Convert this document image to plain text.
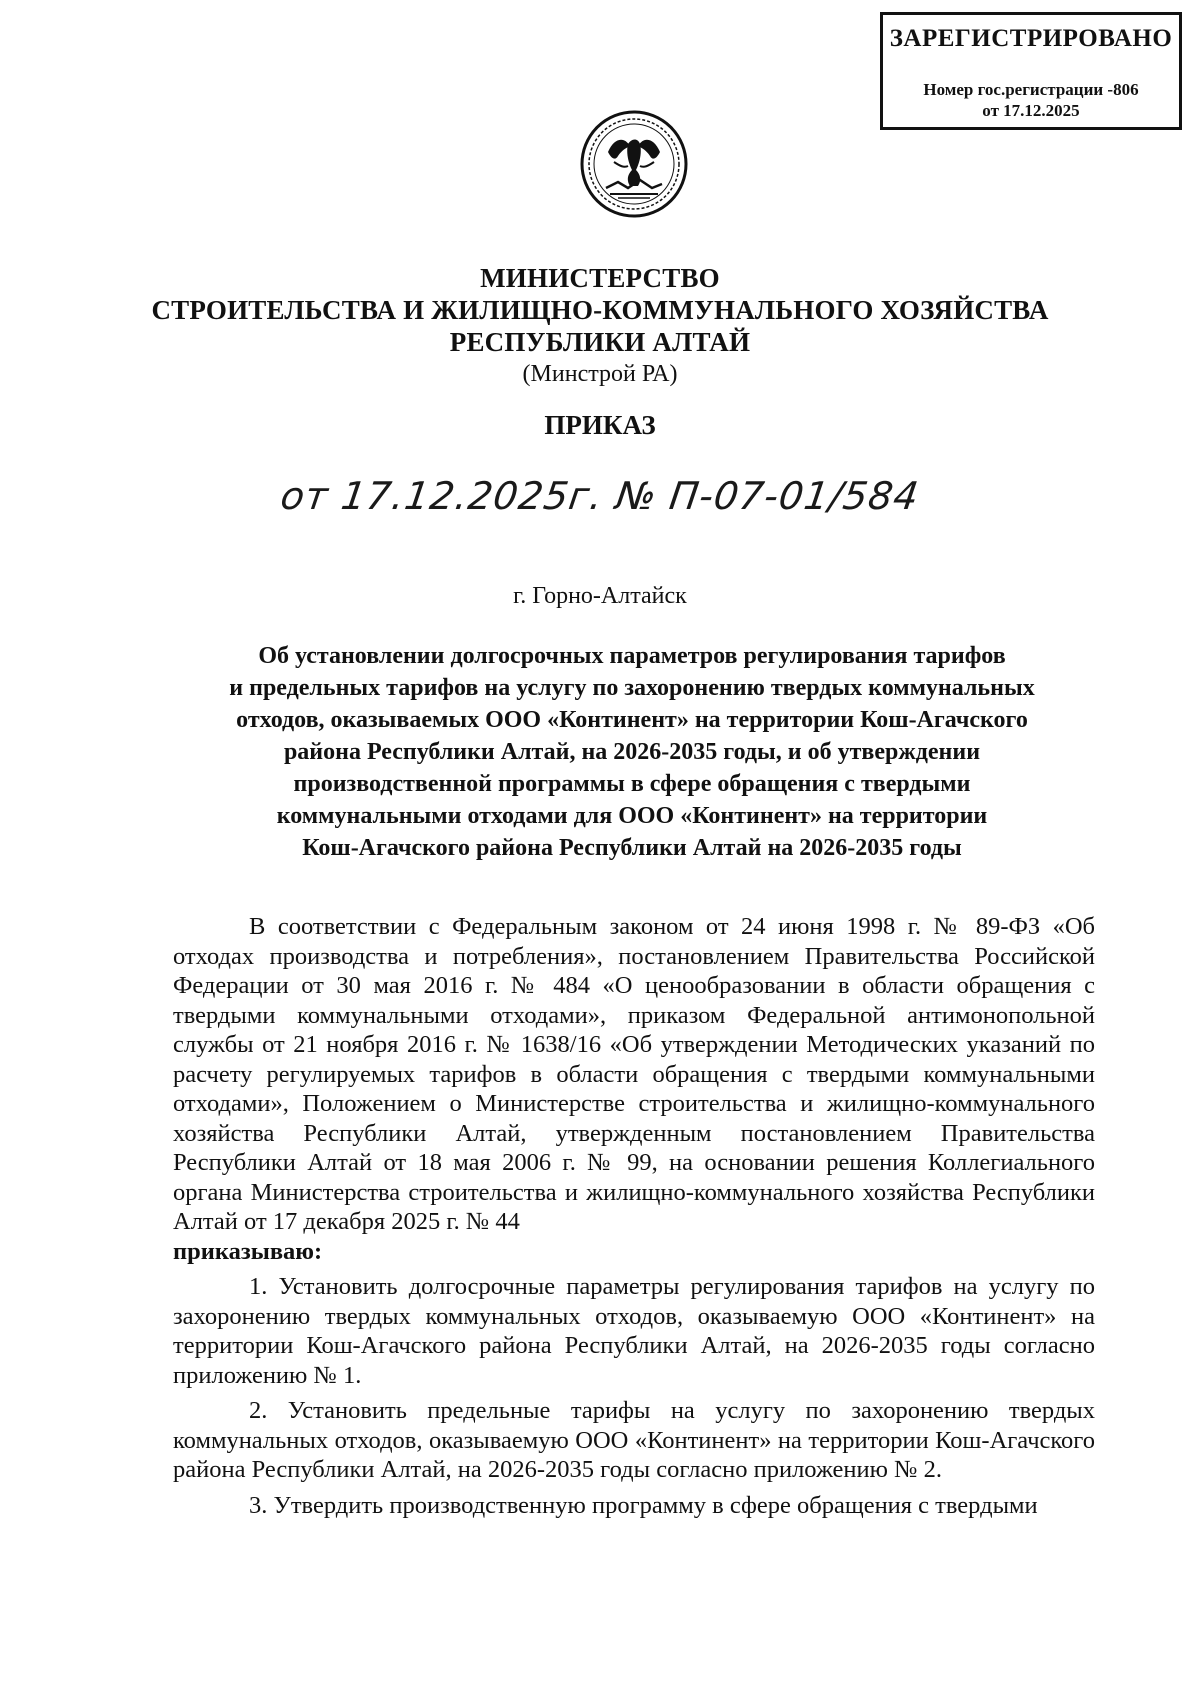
ЗАРЕГИСТРИРОВАНО
Номер гос.регистрации -806
от 17.12.2025
МИНИСТЕРСТВО
СТРОИТЕЛЬСТВА И ЖИЛИЩНО-КОММУНАЛЬНОГО ХОЗЯЙСТВА
РЕСПУБЛИКИ АЛТАЙ
(Минстрой РА)
ПРИКАЗ
от 17.12.2025г. № П-07-01/584
г. Горно-Алтайск
Об установлении долгосрочных параметров регулирования тарифов
и предельных тарифов на услугу по захоронению твердых коммунальных
отходов, оказываемых ООО «Континент» на территории Кош-Агачского
района Республики Алтай, на 2026-2035 годы, и об утверждении
производственной программы в сфере обращения с твердыми
коммунальными отходами для ООО «Континент» на территории
Кош-Агачского района Республики Алтай на 2026-2035 годы

В соответствии с Федеральным законом от 24 июня 1998 г. № 89-ФЗ «Об отходах производства и потребления», постановлением Правительства Российской Федерации от 30 мая 2016 г. № 484 «О ценообразовании в области обращения с твердыми коммунальными отходами», приказом Федеральной антимонопольной службы от 21 ноября 2016 г. № 1638/16 «Об утверждении Методических указаний по расчету регулируемых тарифов в области обращения с твердыми коммунальными отходами», Положением о Министерстве строительства и жилищно-коммунального хозяйства Республики Алтай, утвержденным постановлением Правительства Республики Алтай от 18 мая 2006 г. № 99, на основании решения Коллегиального органа Министерства строительства и жилищно-коммунального хозяйства Республики Алтай от 17 декабря 2025 г. № 44
приказываю:

1. Установить долгосрочные параметры регулирования тарифов на услугу по захоронению твердых коммунальных отходов, оказываемую ООО «Континент» на территории Кош-Агачского района Республики Алтай, на 2026-2035 годы согласно приложению № 1.

2. Установить предельные тарифы на услугу по захоронению твердых коммунальных отходов, оказываемую ООО «Континент» на территории Кош-Агачского района Республики Алтай, на 2026-2035 годы согласно приложению № 2.

3. Утвердить производственную программу в сфере обращения с твердыми
